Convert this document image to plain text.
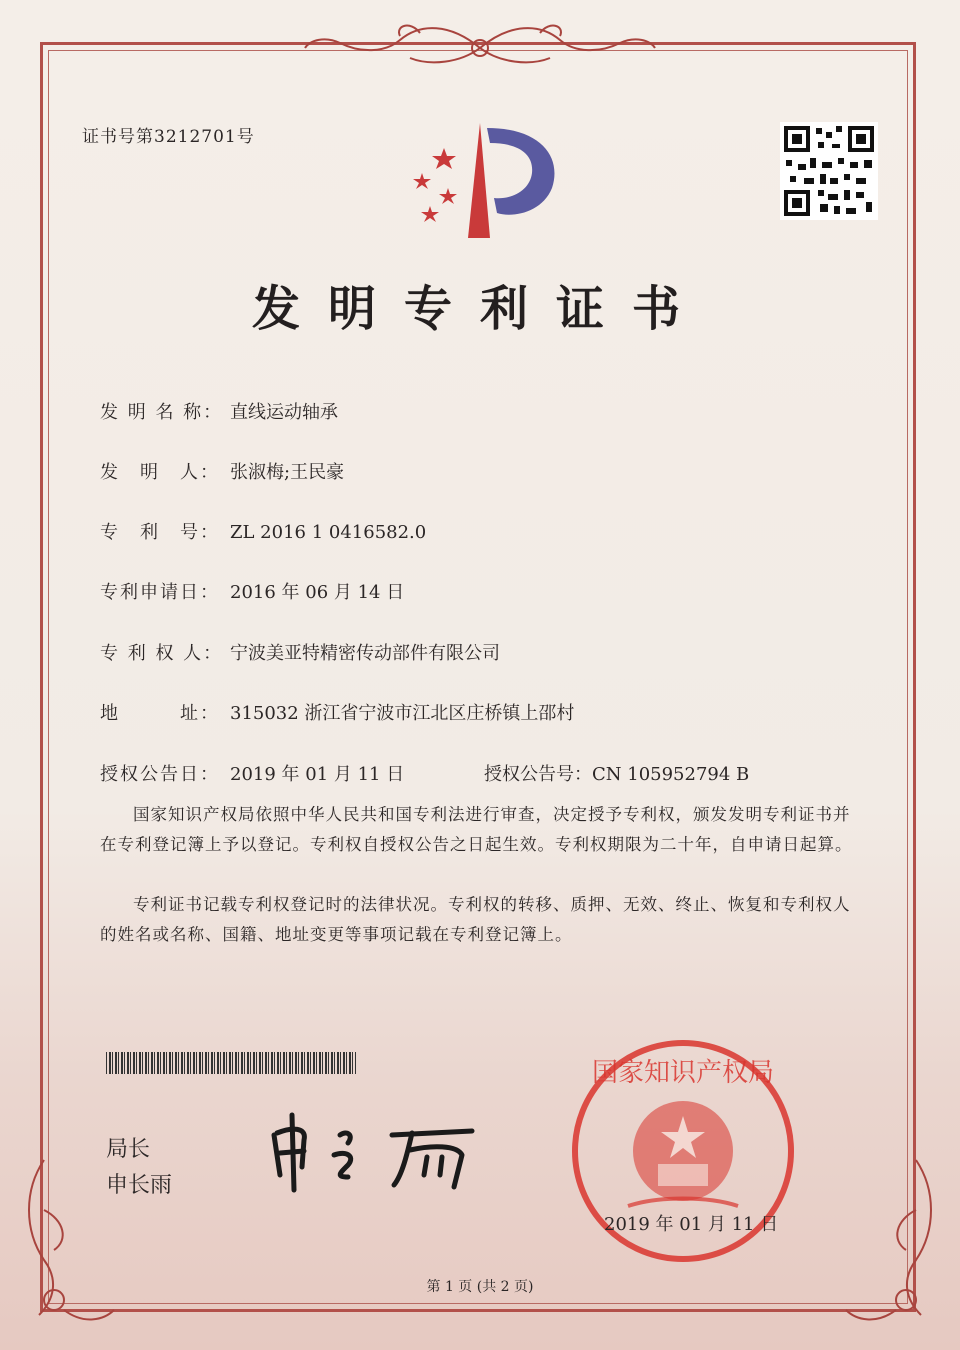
证书号第3212701号
发明专利证书
发 明 名 称： 直线运动轴承
发　明　人： 张淑梅;王民豪
专　利　号： ZL 2016 1 0416582.0
专利申请日： 2016 年 06 月 14 日
专 利 权 人： 宁波美亚特精密传动部件有限公司
地　　　址： 315032 浙江省宁波市江北区庄桥镇上邵村
授权公告日： 2019 年 01 月 11 日	授权公告号：CN 105952794 B
国家知识产权局依照中华人民共和国专利法进行审查，决定授予专利权，颁发发明专利证书并在专利登记簿上予以登记。专利权自授权公告之日起生效。专利权期限为二十年，自申请日起算。
专利证书记载专利权登记时的法律状况。专利权的转移、质押、无效、终止、恢复和专利权人的姓名或名称、国籍、地址变更等事项记载在专利登记簿上。
局长
申长雨
国家知识产权局
2019 年 01 月 11 日
第 1 页 (共 2 页)
